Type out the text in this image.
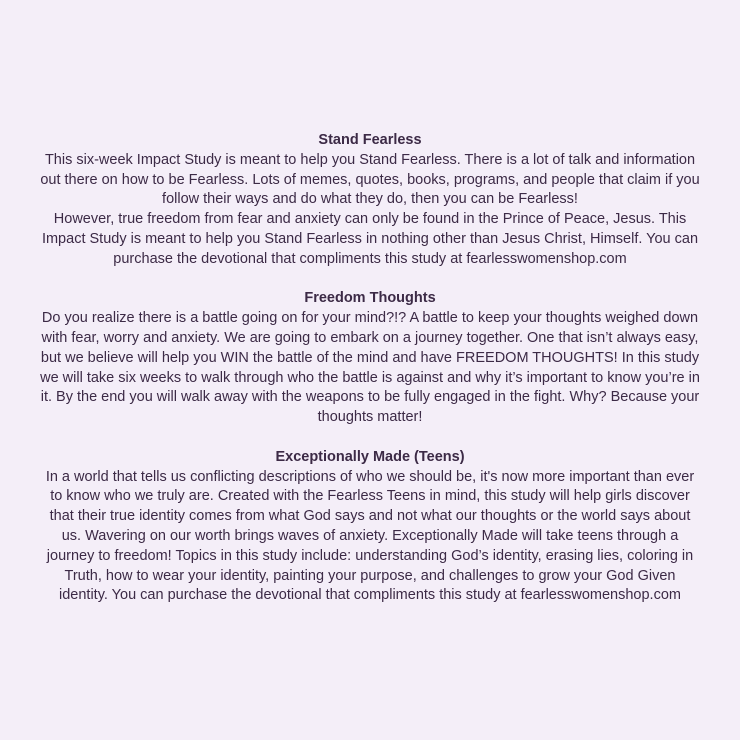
Stand Fearless

This six-week Impact Study is meant to help you Stand Fearless. There is a lot of talk and information out there on how to be Fearless. Lots of memes, quotes, books, programs, and people that claim if you follow their ways and do what they do, then you can be Fearless!
However, true freedom from fear and anxiety can only be found in the Prince of Peace, Jesus. This Impact Study is meant to help you Stand Fearless in nothing other than Jesus Christ, Himself. You can purchase the devotional that compliments this study at fearlesswomenshop.com

Freedom Thoughts

Do you realize there is a battle going on for your mind?!? A battle to keep your thoughts weighed down with fear, worry and anxiety. We are going to embark on a journey together. One that isn’t always easy, but we believe will help you WIN the battle of the mind and have FREEDOM THOUGHTS! In this study we will take six weeks to walk through who the battle is against and why it’s important to know you’re in it. By the end you will walk away with the weapons to be fully engaged in the fight. Why? Because your thoughts matter!

Exceptionally Made (Teens)

In a world that tells us conflicting descriptions of who we should be, it's now more important than ever to know who we truly are. Created with the Fearless Teens in mind, this study will help girls discover that their true identity comes from what God says and not what our thoughts or the world says about us. Wavering on our worth brings waves of anxiety. Exceptionally Made will take teens through a journey to freedom! Topics in this study include: understanding God’s identity, erasing lies, coloring in Truth, how to wear your identity, painting your purpose, and challenges to grow your God Given identity. You can purchase the devotional that compliments this study at fearlesswomenshop.com
